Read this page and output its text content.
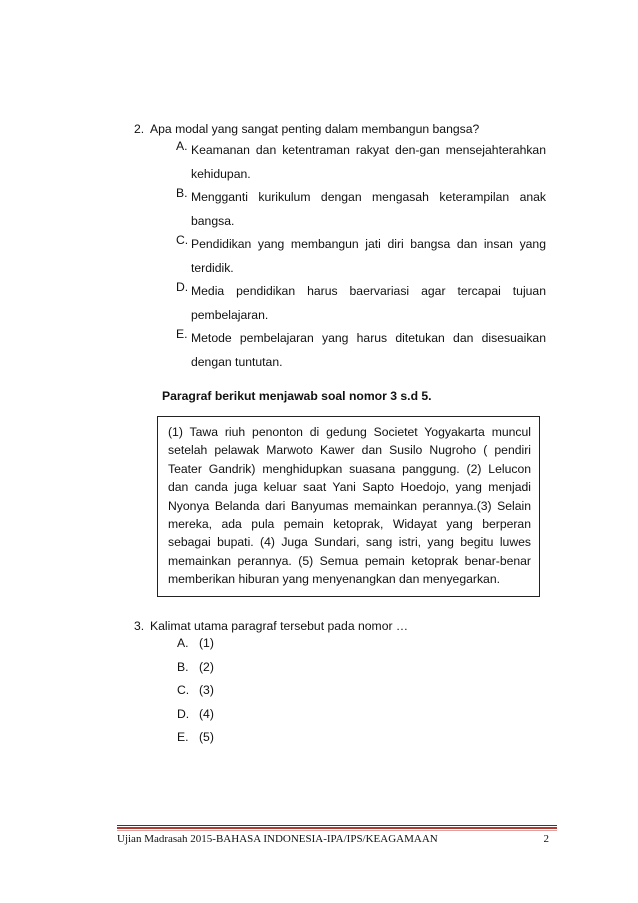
2. Apa modal yang sangat penting dalam membangun bangsa?
A. Keamanan dan ketentraman rakyat den-gan mensejahterahkan kehidupan.
B. Mengganti kurikulum dengan mengasah keterampilan anak bangsa.
C. Pendidikan yang membangun jati diri bangsa dan insan yang terdidik.
D. Media pendidikan harus baervariasi agar tercapai tujuan pembelajaran.
E. Metode pembelajaran yang harus ditetukan dan disesuaikan dengan tuntutan.
Paragraf berikut menjawab soal nomor 3 s.d 5.

(1) Tawa riuh penonton di gedung Societet Yogyakarta muncul setelah pelawak Marwoto Kawer dan Susilo Nugroho ( pendiri Teater Gandrik) menghidupkan suasana panggung. (2) Lelucon dan canda juga keluar saat Yani Sapto Hoedojo, yang menjadi Nyonya Belanda dari Banyumas memainkan perannya.(3) Selain mereka, ada pula pemain ketoprak, Widayat yang berperan sebagai bupati. (4) Juga Sundari, sang istri, yang begitu luwes memainkan perannya. (5) Semua pemain ketoprak benar-benar memberikan hiburan yang menyenangkan dan menyegarkan.

3. Kalimat utama paragraf tersebut pada nomor …
A. (1)
B. (2)
C. (3)
D. (4)
E. (5)
Ujian Madrasah 2015-BAHASA INDONESIA-IPA/IPS/KEAGAMAAN	2
